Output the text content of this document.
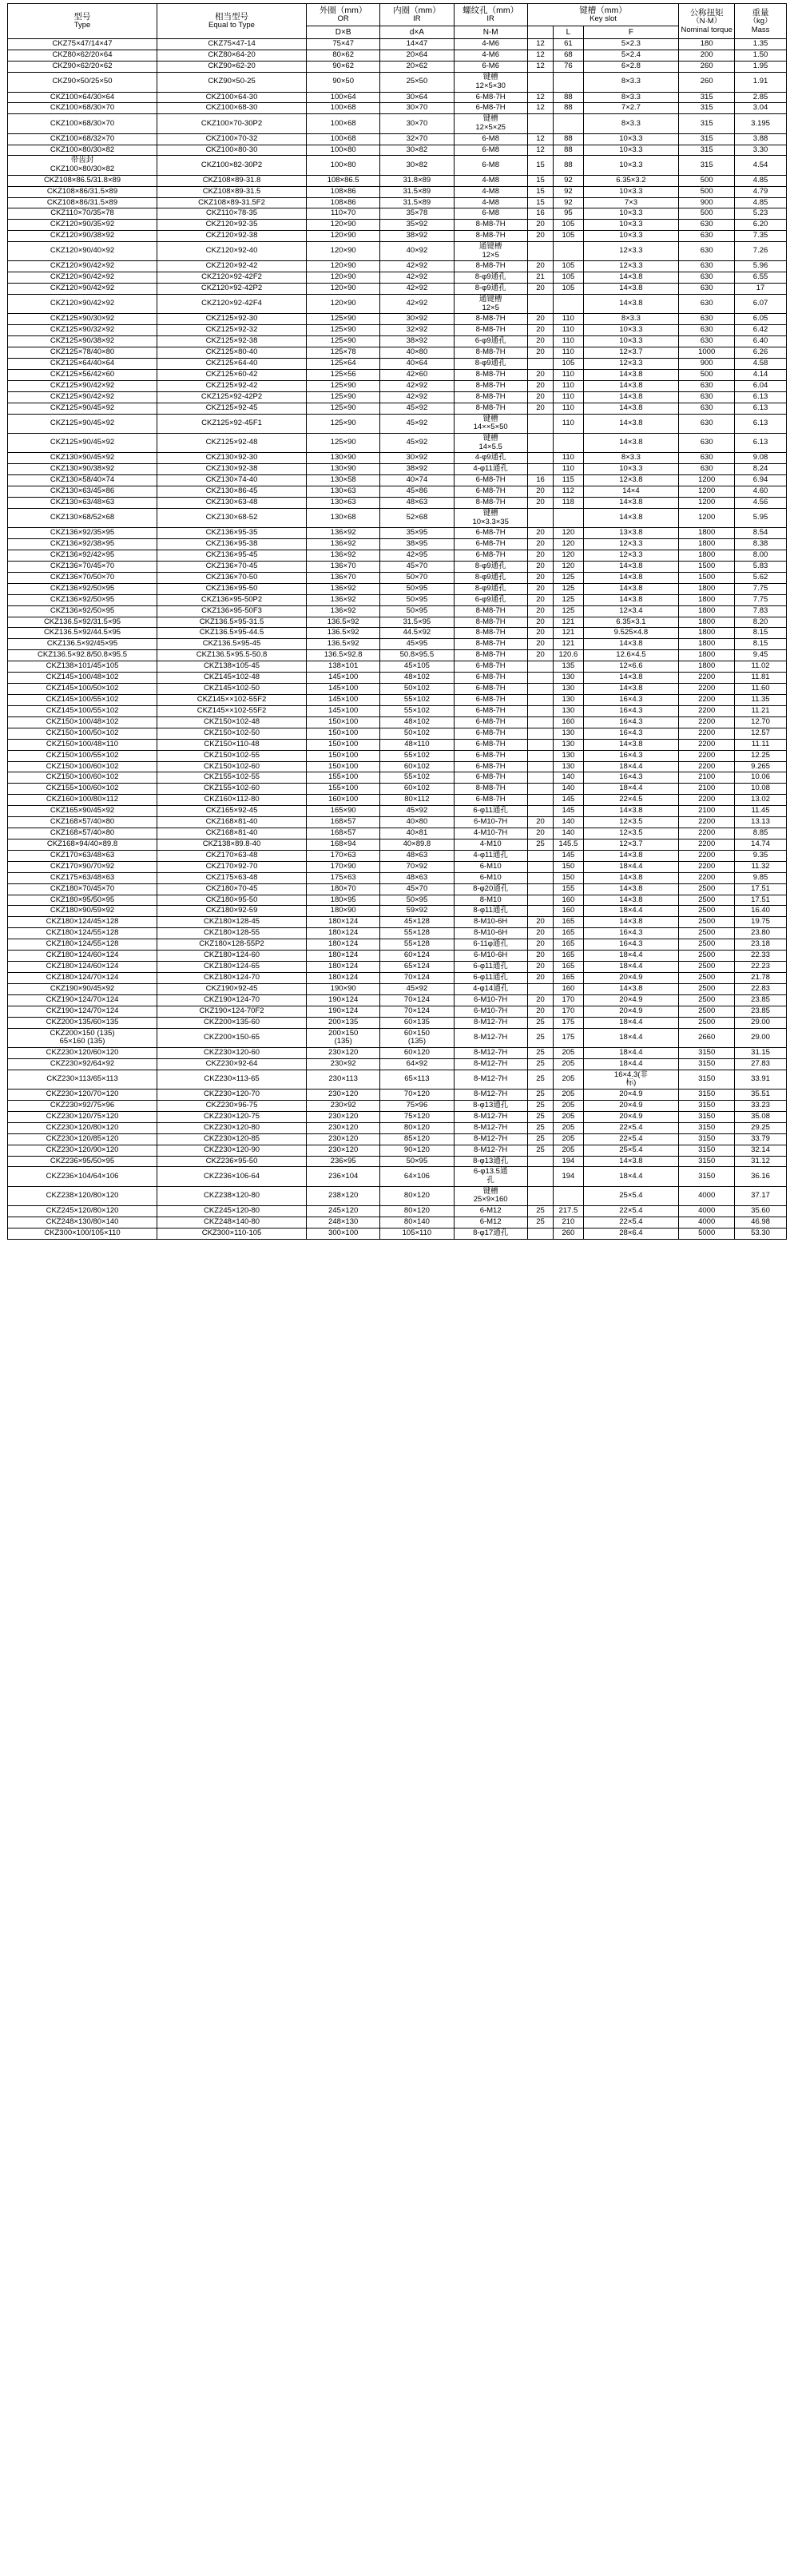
型号
Type

相当型号
Equal to Type

外圈（mm）
OR

内圈（mm）
IR

螺纹孔（mm）
IR

键槽（mm）
Key slot

公称扭矩
（N·M）
Nominal torque

重量
（kg）
Mass

		D×B	d×A	N-M		L	F		
CKZ75×47/14×47	CKZ75×47-14	75×47	14×47	4-M6	12	61	5×2.3	180	1.35
CKZ80×62/20×64	CKZ80×64-20	80×62	20×64	4-M6	12	68	5×2.4	200	1.50
CKZ90×62/20×62	CKZ90×62-20	90×62	20×62	6-M6	12	76	6×2.8	260	1.95
CKZ90×50/25×50	CKZ90×50-25	90×50	25×50	键槽
12×5×30			8×3.3	260	1.91
CKZ100×64/30×64	CKZ100×64-30	100×64	30×64	6-M8-7H	12	88	8×3.3	315	2.85
CKZ100×68/30×70	CKZ100×68-30	100×68	30×70	6-M8-7H	12	88	7×2.7	315	3.04
CKZ100×68/30×70	CKZ100×70-30P2	100×68	30×70	键槽
12×5×25			8×3.3	315	3.195
CKZ100×68/32×70	CKZ100×70-32	100×68	32×70	6-M8	12	88	10×3.3	315	3.88
CKZ100×80/30×82	CKZ100×80-30	100×80	30×82	6-M8	12	88	10×3.3	315	3.30

带齿封
CKZ100×80/30×82	CKZ100×82-30P2	100×80	30×82	6-M8	15	88	10×3.3	315	4.54
CKZ108×86.5/31.8×89	CKZ108×89-31.8	108×86.5	31.8×89	4-M8	15	92	6.35×3.2	500	4.85
CKZ108×86/31.5×89	CKZ108×89-31.5	108×86	31.5×89	4-M8	15	92	10×3.3	500	4.79
CKZ108×86/31.5×89	CKZ108×89-31.5F2	108×86	31.5×89	4-M8	15	92	7×3	900	4.85
CKZ110×70/35×78	CKZ110×78-35	110×70	35×78	6-M8	16	95	10×3.3	500	5.23
CKZ120×90/35×92	CKZ120×92-35	120×90	35×92	8-M8-7H	20	105	10×3.3	630	6.20
CKZ120×90/38×92	CKZ120×92-38	120×90	38×92	8-M8-7H	20	105	10×3.3	630	7.35
CKZ120×90/40×92	CKZ120×92-40	120×90	40×92	通键槽
12×5			12×3.3	630	7.26
CKZ120×90/42×92	CKZ120×92-42	120×90	42×92	8-M8-7H	20	105	12×3.3	630	5.96
CKZ120×90/42×92	CKZ120×92-42F2	120×90	42×92	8-φ9通孔	21	105	14×3.8	630	6.55
CKZ120×90/42×92	CKZ120×92-42P2	120×90	42×92	8-φ9通孔	20	105	14×3.8	630	17
CKZ120×90/42×92	CKZ120×92-42F4	120×90	42×92	通键槽
12×5			14×3.8	630	6.07
CKZ125×90/30×92	CKZ125×92-30	125×90	30×92	8-M8-7H	20	110	8×3.3	630	6.05
CKZ125×90/32×92	CKZ125×92-32	125×90	32×92	8-M8-7H	20	110	10×3.3	630	6.42
CKZ125×90/38×92	CKZ125×92-38	125×90	38×92	6-φ9通孔	20	110	10×3.3	630	6.40
CKZ125×78/40×80	CKZ125×80-40	125×78	40×80	8-M8-7H	20	110	12×3.7	1000	6.26
CKZ125×64/40×64	CKZ125×64-40	125×64	40×64	8-φ9通孔		105	12×3.3	900	4.58
CKZ125×56/42×60	CKZ125×60-42	125×56	42×60	8-M8-7H	20	110	14×3.8	500	4.14
CKZ125×90/42×92	CKZ125×92-42	125×90	42×92	8-M8-7H	20	110	14×3.8	630	6.04
CKZ125×90/42×92	CKZ125×92-42P2	125×90	42×92	8-M8-7H	20	110	14×3.8	630	6.13
CKZ125×90/45×92	CKZ125×92-45	125×90	45×92	8-M8-7H	20	110	14×3.8	630	6.13
CKZ125×90/45×92	CKZ125×92-45F1	125×90	45×92	键槽
14××5×50		110	14×3.8	630	6.13
CKZ125×90/45×92	CKZ125×92-48	125×90	45×92	键槽
14×5.5			14×3.8	630	6.13
CKZ130×90/45×92	CKZ130×92-30	130×90	30×92	4-φ9通孔		110	8×3.3	630	9.08
CKZ130×90/38×92	CKZ130×92-38	130×90	38×92	4-φ11通孔		110	10×3.3	630	8.24
CKZ130×58/40×74	CKZ130×74-40	130×58	40×74	6-M8-7H	16	115	12×3.8	1200	6.94
CKZ130×63/45×86	CKZ130×86-45	130×63	45×86	6-M8-7H	20	112	14×4	1200	4.60
CKZ130×63/48×63	CKZ130×63-48	130×63	48×63	8-M8-7H	20	118	14×3.8	1200	4.56
CKZ130×68/52×68	CKZ130×68-52	130×68	52×68	键槽
10×3.3×35			14×3.8	1200	5.95
CKZ136×92/35×95	CKZ136×95-35	136×92	35×95	6-M8-7H	20	120	13×3.8	1800	8.54
CKZ136×92/38×95	CKZ136×95-38	136×92	38×95	6-M8-7H	20	120	12×3.3	1800	8.38
CKZ136×92/42×95	CKZ136×95-45	136×92	42×95	6-M8-7H	20	120	12×3.3	1800	8.00
CKZ136×70/45×70	CKZ136×70-45	136×70	45×70	8-φ9通孔	20	120	14×3.8	1500	5.83
CKZ136×70/50×70	CKZ136×70-50	136×70	50×70	8-φ9通孔	20	125	14×3.8	1500	5.62
CKZ136×92/50×95	CKZ136×95-50	136×92	50×95	8-φ9通孔	20	125	14×3.8	1800	7.75
CKZ136×92/50×95	CKZ136×95-50P2	136×92	50×95	6-φ9通孔	20	125	14×3.8	1800	7.75
CKZ136×92/50×95	CKZ136×95-50F3	136×92	50×95	8-M8-7H	20	125	12×3.4	1800	7.83
CKZ136.5×92/31.5×95	CKZ136.5×95-31.5	136.5×92	31.5×95	8-M8-7H	20	121	6.35×3.1	1800	8.20
CKZ136.5×92/44.5×95	CKZ136.5×95-44.5	136.5×92	44.5×92	8-M8-7H	20	121	9.525×4.8	1800	8.15
CKZ136.5×92/45×95	CKZ136.5×95-45	136.5×92	45×95	8-M8-7H	20	121	14×3.8	1800	8.15
CKZ136.5×92.8/50.8×95.5	CKZ136.5×95.5-50.8	136.5×92.8	50.8×95.5	8-M8-7H	20	120.6	12.6×4.5	1800	9.45
CKZ138×101/45×105	CKZ138×105-45	138×101	45×105	6-M8-7H		135	12×6.6	1800	11.02
CKZ145×100/48×102	CKZ145×102-48	145×100	48×102	6-M8-7H		130	14×3.8	2200	11.81
CKZ145×100/50×102	CKZ145×102-50	145×100	50×102	6-M8-7H		130	14×3.8	2200	11.60
CKZ145×100/55×102	CKZ145××102-55F2	145×100	55×102	6-M8-7H		130	16×4.3	2200	11.35
CKZ145×100/55×102	CKZ145××102-55F2	145×100	55×102	6-M8-7H		130	16×4.3	2200	11.21
CKZ150×100/48×102	CKZ150×102-48	150×100	48×102	6-M8-7H		160	16×4.3	2200	12.70
CKZ150×100/50×102	CKZ150×102-50	150×100	50×102	6-M8-7H		130	16×4.3	2200	12.57
CKZ150×100/48×110	CKZ150×110-48	150×100	48×110	6-M8-7H		130	14×3.8	2200	11.11
CKZ150×100/55×102	CKZ150×102-55	150×100	55×102	6-M8-7H		130	16×4.3	2200	12.25
CKZ150×100/60×102	CKZ150×102-60	150×100	60×102	6-M8-7H		130	18×4.4	2200	9.265
CKZ150×100/60×102	CKZ155×102-55	155×100	55×102	6-M8-7H		140	16×4.3	2100	10.06
CKZ155×100/60×102	CKZ155×102-60	155×100	60×102	8-M8-7H		140	18×4.4	2100	10.08
CKZ160×100/80×112	CKZ160×112-80	160×100	80×112	6-M8-7H		145	22×4.5	2200	13.02
CKZ165×90/45×92	CKZ165×92-45	165×90	45×92	6-φ11通孔		145	14×3.8	2100	11.45
CKZ168×57/40×80	CKZ168×81-40	168×57	40×80	6-M10-7H	20	140	12×3.5	2200	13.13
CKZ168×57/40×80	CKZ168×81-40	168×57	40×81	4-M10-7H	20	140	12×3.5	2200	8.85
CKZ168×94/40×89.8	CKZ138×89.8-40	168×94	40×89.8	4-M10	25	145.5	12×3.7	2200	14.74
CKZ170×63/48×63	CKZ170×63-48	170×63	48×63	4-φ11通孔		145	14×3.8	2200	9.35
CKZ170×90/70×92	CKZ170×92-70	170×90	70×92	6-M10		150	18×4.4	2200	11.32
CKZ175×63/48×63	CKZ175×63-48	175×63	48×63	6-M10		150	14×3.8	2200	9.85
CKZ180×70/45×70	CKZ180×70-45	180×70	45×70	8-φ20通孔		155	14×3.8	2500	17.51
CKZ180×95/50×95	CKZ180×95-50	180×95	50×95	8-M10		160	14×3.8	2500	17.51
CKZ180×90/59×92	CKZ180×92-59	180×90	59×92	8-φ11通孔		160	18×4.4	2500	16.40
CKZ180×124/45×128	CKZ180×128-45	180×124	45×128	8-M10-6H	20	165	14×3.8	2500	19.75
CKZ180×124/55×128	CKZ180×128-55	180×124	55×128	8-M10-6H	20	165	16×4.3	2500	23.80
CKZ180×124/55×128	CKZ180×128-55P2	180×124	55×128	6-11φ通孔	20	165	16×4.3	2500	23.18
CKZ180×124/60×124	CKZ180×124-60	180×124	60×124	6-M10-6H	20	165	18×4.4	2500	22.33
CKZ180×124/60×124	CKZ180×124-65	180×124	65×124	6-φ11通孔	20	165	18×4.4	2500	22.23
CKZ180×124/70×124	CKZ180×124-70	180×124	70×124	6-φ11通孔	20	165	20×4.9	2500	21.78
CKZ190×90/45×92	CKZ190×92-45	190×90	45×92	4-φ14通孔		160	14×3.8	2500	22.83
CKZ190×124/70×124	CKZ190×124-70	190×124	70×124	6-M10-7H	20	170	20×4.9	2500	23.85
CKZ190×124/70×124	CKZ190×124-70F2	190×124	70×124	6-M10-7H	20	170	20×4.9	2500	23.85
CKZ200×135/60×135	CKZ200×135-60	200×135	60×135	8-M12-7H	25	175	18×4.4	2500	29.00

CKZ200×150 (135)
65×160 (135)	CKZ200×150-65	200×150
(135)

60×150
(135)	8-M12-7H	25	175	18×4.4	2660	29.00
CKZ230×120/60×120	CKZ230×120-60	230×120	60×120	8-M12-7H	25	205	18×4.4	3150	31.15
CKZ230×92/64×92	CKZ230×92-64	230×92	64×92	8-M12-7H	25	205	18×4.4	3150	27.83
CKZ230×113/65×113	CKZ230×113-65	230×113	65×113	8-M12-7H	25	205	16×4.3(非
标)	3150	33.91
CKZ230×120/70×120	CKZ230×120-70	230×120	70×120	8-M12-7H	25	205	20×4.9	3150	35.51
CKZ230×92/75×96	CKZ230×96-75	230×92	75×96	8-φ13通孔	25	205	20×4.9	3150	33.23
CKZ230×120/75×120	CKZ230×120-75	230×120	75×120	8-M12-7H	25	205	20×4.9	3150	35.08
CKZ230×120/80×120	CKZ230×120-80	230×120	80×120	8-M12-7H	25	205	22×5.4	3150	29.25
CKZ230×120/85×120	CKZ230×120-85	230×120	85×120	8-M12-7H	25	205	22×5.4	3150	33.79
CKZ230×120/90×120	CKZ230×120-90	230×120	90×120	8-M12-7H	25	205	25×5.4	3150	32.14
CKZ236×95/50×95	CKZ236×95-50	236×95	50×95	8-φ13通孔		194	14×3.8	3150	31.12
CKZ236×104/64×106	CKZ236×106-64	236×104	64×106	6-φ13.5通
孔		194	18×4.4	3150	36.16
CKZ238×120/80×120	CKZ238×120-80	238×120	80×120	键槽
25×9×160			25×5.4	4000	37.17
CKZ245×120/80×120	CKZ245×120-80	245×120	80×120	6-M12	25	217.5	22×5.4	4000	35.60
CKZ248×130/80×140	CKZ248×140-80	248×130	80×140	6-M12	25	210	22×5.4	4000	46.98
CKZ300×100/105×110	CKZ300×110-105	300×100	105×110	8-φ17通孔		260	28×6.4	5000	53.30
